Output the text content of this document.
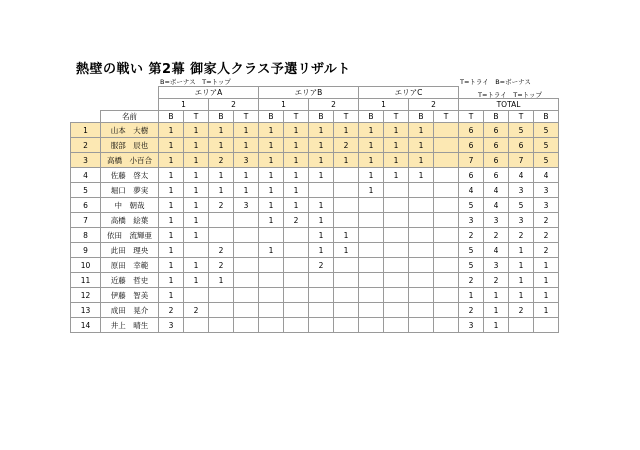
熱壁の戦い 第2幕 御家人クラス予選リザルト
B=ボーナス　T=トップ	T=トライ　B=ボーナス
T=トライ　T=トップ
		エリアA				エリアB				エリアC							
		1		2		1		2		1		2		TOTAL			
	名前	B	T	B	T	B	T	B	T	B	T	B	T	T	B	T	B
1	山本　大樹	1	1	1	1	1	1	1	1	1	1	1		6	6	5	5
2	服部　辰也	1	1	1	1	1	1	1	2	1	1	1		6	6	6	5
3	高橋　小百合	1	1	2	3	1	1	1	1	1	1	1		7	6	7	5
4	佐藤　啓太	1	1	1	1	1	1	1		1	1	1		6	6	4	4
5	堀口　夢実	1	1	1	1	1	1			1				4	4	3	3
6	中　朝哉	1	1	2	3	1	1	1						5	4	5	3
7	高橋　絵葉	1	1			1	2	1						3	3	3	2
8	依田　流輝亜	1	1					1	1					2	2	2	2
9	此田　理央	1		2		1		1	1					5	4	1	2
10	原田　幸範	1	1	2				2						5	3	1	1
11	近藤　哲史	1	1	1										2	2	1	1
12	伊藤　智美	1												1	1	1	1
13	成田　晃介	2	2											2	1	2	1
14	井上　晴生	3												3	1		
